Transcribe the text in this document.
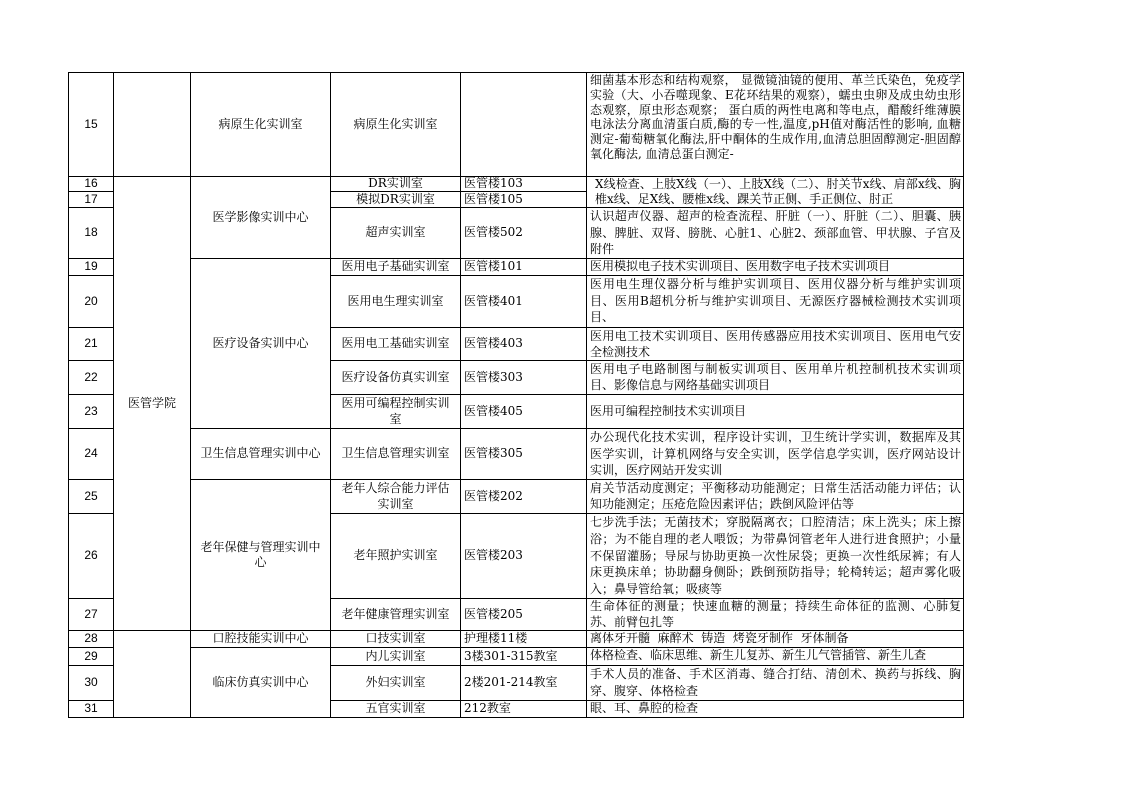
15
16
17
18
19
20
21
22
23
24
25
26
27
28
29
30
31
医管学院
病原生化实训室
医学影像实训中心
医疗设备实训中心
卫生信息管理实训中心
老年保健与管理实训中心
口腔技能实训中心
临床仿真实训中心
病原生化实训室
DR实训室
模拟DR实训室
超声实训室
医用电子基础实训室
医用电生理实训室
医用电工基础实训室
医疗设备仿真实训室
医用可编程控制实训室
卫生信息管理实训室
老年人综合能力评估实训室
老年照护实训室
老年健康管理实训室
口技实训室
内儿实训室
外妇实训室
五官实训室
医管楼103
医管楼105
医管楼502
医管楼101
医管楼401
医管楼403
医管楼303
医管楼405
医管楼305
医管楼202
医管楼203
医管楼205
护理楼11楼
3楼301-315教室
2楼201-214教室
212教室
细菌基本形态和结构观察， 显微镜油镜的便用、革兰氏染色，免疫学实验（大、小吞噬现象、E花环结果的观察），蠕虫虫卵及成虫幼虫形态观察，原虫形态观察； 蛋白质的两性电离和等电点，醋酸纤维薄膜电泳法分离血清蛋白质,酶的专一性,温度,pH值对酶活性的影响, 血糖测定-葡萄糖氧化酶法,肝中酮体的生成作用,血清总胆固醇测定-胆固醇氧化酶法, 血清总蛋白测定-
X线检查、上肢X线（一）、上肢X线（二）、肘关节x线、肩部x线、胸椎x线、足X线、腰椎x线、踝关节正侧、手正侧位、肘正
认识超声仪器、超声的检查流程、肝脏（一）、肝脏（二）、胆囊、胰腺、脾脏、双肾、膀胱、心脏1、心脏2、颈部血管、甲状腺、子宫及附件
医用模拟电子技术实训项目、医用数字电子技术实训项目
医用电生理仪器分析与维护实训项目、医用仪器分析与维护实训项目、医用B超机分析与维护实训项目、无源医疗器械检测技术实训项目、
医用电工技术实训项目、医用传感器应用技术实训项目、医用电气安全检测技术
医用电子电路制图与制板实训项目、医用单片机控制机技术实训项目、影像信息与网络基础实训项目
医用可编程控制技术实训项目
办公现代化技术实训，程序设计实训，卫生统计学实训，数据库及其医学实训，计算机网络与安全实训，医学信息学实训，医疗网站设计实训，医疗网站开发实训
肩关节活动度测定；平衡移动功能测定；日常生活活动能力评估；认知功能测定；压疮危险因素评估；跌倒风险评估等
七步洗手法；无菌技术；穿脱隔离衣；口腔清洁；床上洗头；床上擦浴；为不能自理的老人喂饭；为带鼻饲管老年人进行进食照护；小量不保留灌肠；导尿与协助更换一次性尿袋；更换一次性纸尿裤；有人床更换床单；协助翻身侧卧；跌倒预防指导；轮椅转运；超声雾化吸入；鼻导管给氧；吸痰等
生命体征的测量；快速血糖的测量；持续生命体征的监测、心肺复苏、前臂包扎等
离体牙开髓  麻醉术  铸造  烤瓷牙制作  牙体制备
体格检查、临床思维、新生儿复苏、新生儿气管插管、新生儿查
手术人员的准备、手术区消毒、缝合打结、清创术、换药与拆线、胸穿、腹穿、体格检查
眼、耳、鼻腔的检查
